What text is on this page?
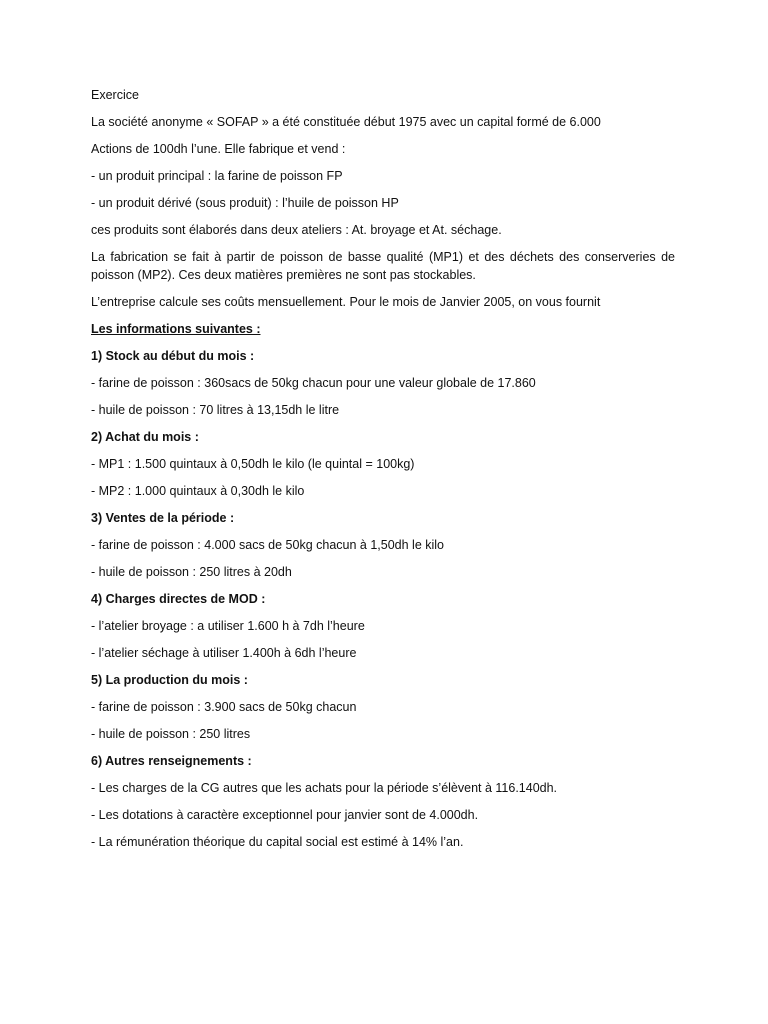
Exercice

La société anonyme « SOFAP » a été constituée début 1975 avec un capital formé de 6.000

Actions de 100dh l’une. Elle fabrique et vend :

- un produit principal : la farine de poisson FP

- un produit dérivé (sous produit) : l’huile de poisson HP

ces produits sont élaborés dans deux ateliers : At. broyage et At. séchage.

La fabrication se fait à partir de poisson de basse qualité (MP1) et des déchets des conserveries de poisson (MP2). Ces deux matières premières ne sont pas stockables.

L’entreprise calcule ses coûts mensuellement. Pour le mois de Janvier 2005, on vous fournit

Les informations suivantes :

1) Stock au début du mois :

- farine de poisson : 360sacs de 50kg chacun pour une valeur globale de 17.860

- huile de poisson : 70 litres à 13,15dh le litre

2) Achat du mois :

- MP1 : 1.500 quintaux à 0,50dh le kilo (le quintal = 100kg)

- MP2 : 1.000 quintaux à 0,30dh le kilo

3) Ventes de la période :

- farine de poisson : 4.000 sacs de 50kg chacun à 1,50dh le kilo

- huile de poisson : 250 litres à 20dh

4) Charges directes de MOD :

- l’atelier broyage : a utiliser 1.600 h à 7dh l’heure

- l’atelier séchage à utiliser 1.400h à 6dh l’heure

5) La production du mois :

- farine de poisson : 3.900 sacs de 50kg chacun

- huile de poisson : 250 litres

6) Autres renseignements :

- Les charges de la CG autres que les achats pour la période s’élèvent à 116.140dh.

- Les dotations à caractère exceptionnel pour janvier sont de 4.000dh.

- La rémunération théorique du capital social est estimé à 14% l’an.
